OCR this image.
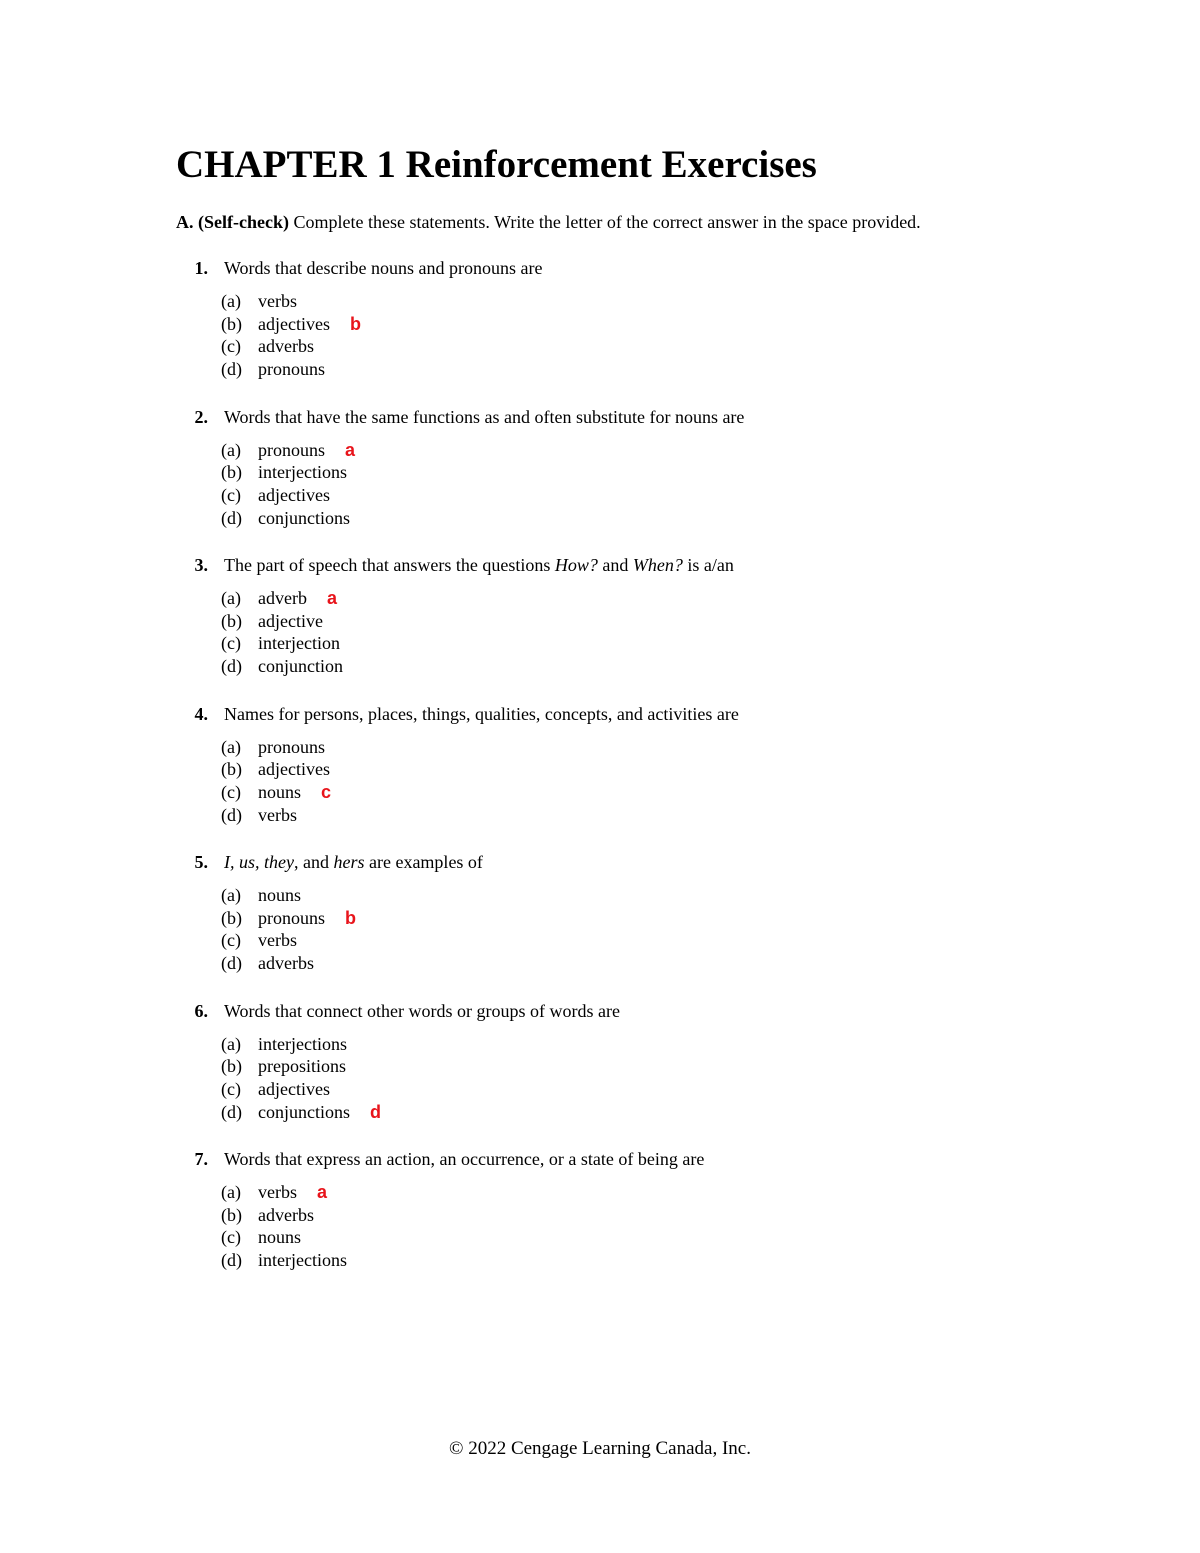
CHAPTER 1 Reinforcement Exercises
A. (Self-check) Complete these statements. Write the letter of the correct answer in the space provided.
1. Words that describe nouns and pronouns are
(a) verbs
(b) adjectives b
(c) adverbs
(d) pronouns
2. Words that have the same functions as and often substitute for nouns are
(a) pronouns a
(b) interjections
(c) adjectives
(d) conjunctions
3. The part of speech that answers the questions How? and When? is a/an
(a) adverb a
(b) adjective
(c) interjection
(d) conjunction
4. Names for persons, places, things, qualities, concepts, and activities are
(a) pronouns
(b) adjectives
(c) nouns c
(d) verbs
5. I, us, they, and hers are examples of
(a) nouns
(b) pronouns b
(c) verbs
(d) adverbs
6. Words that connect other words or groups of words are
(a) interjections
(b) prepositions
(c) adjectives
(d) conjunctions d
7. Words that express an action, an occurrence, or a state of being are
(a) verbs a
(b) adverbs
(c) nouns
(d) interjections
© 2022 Cengage Learning Canada, Inc.
